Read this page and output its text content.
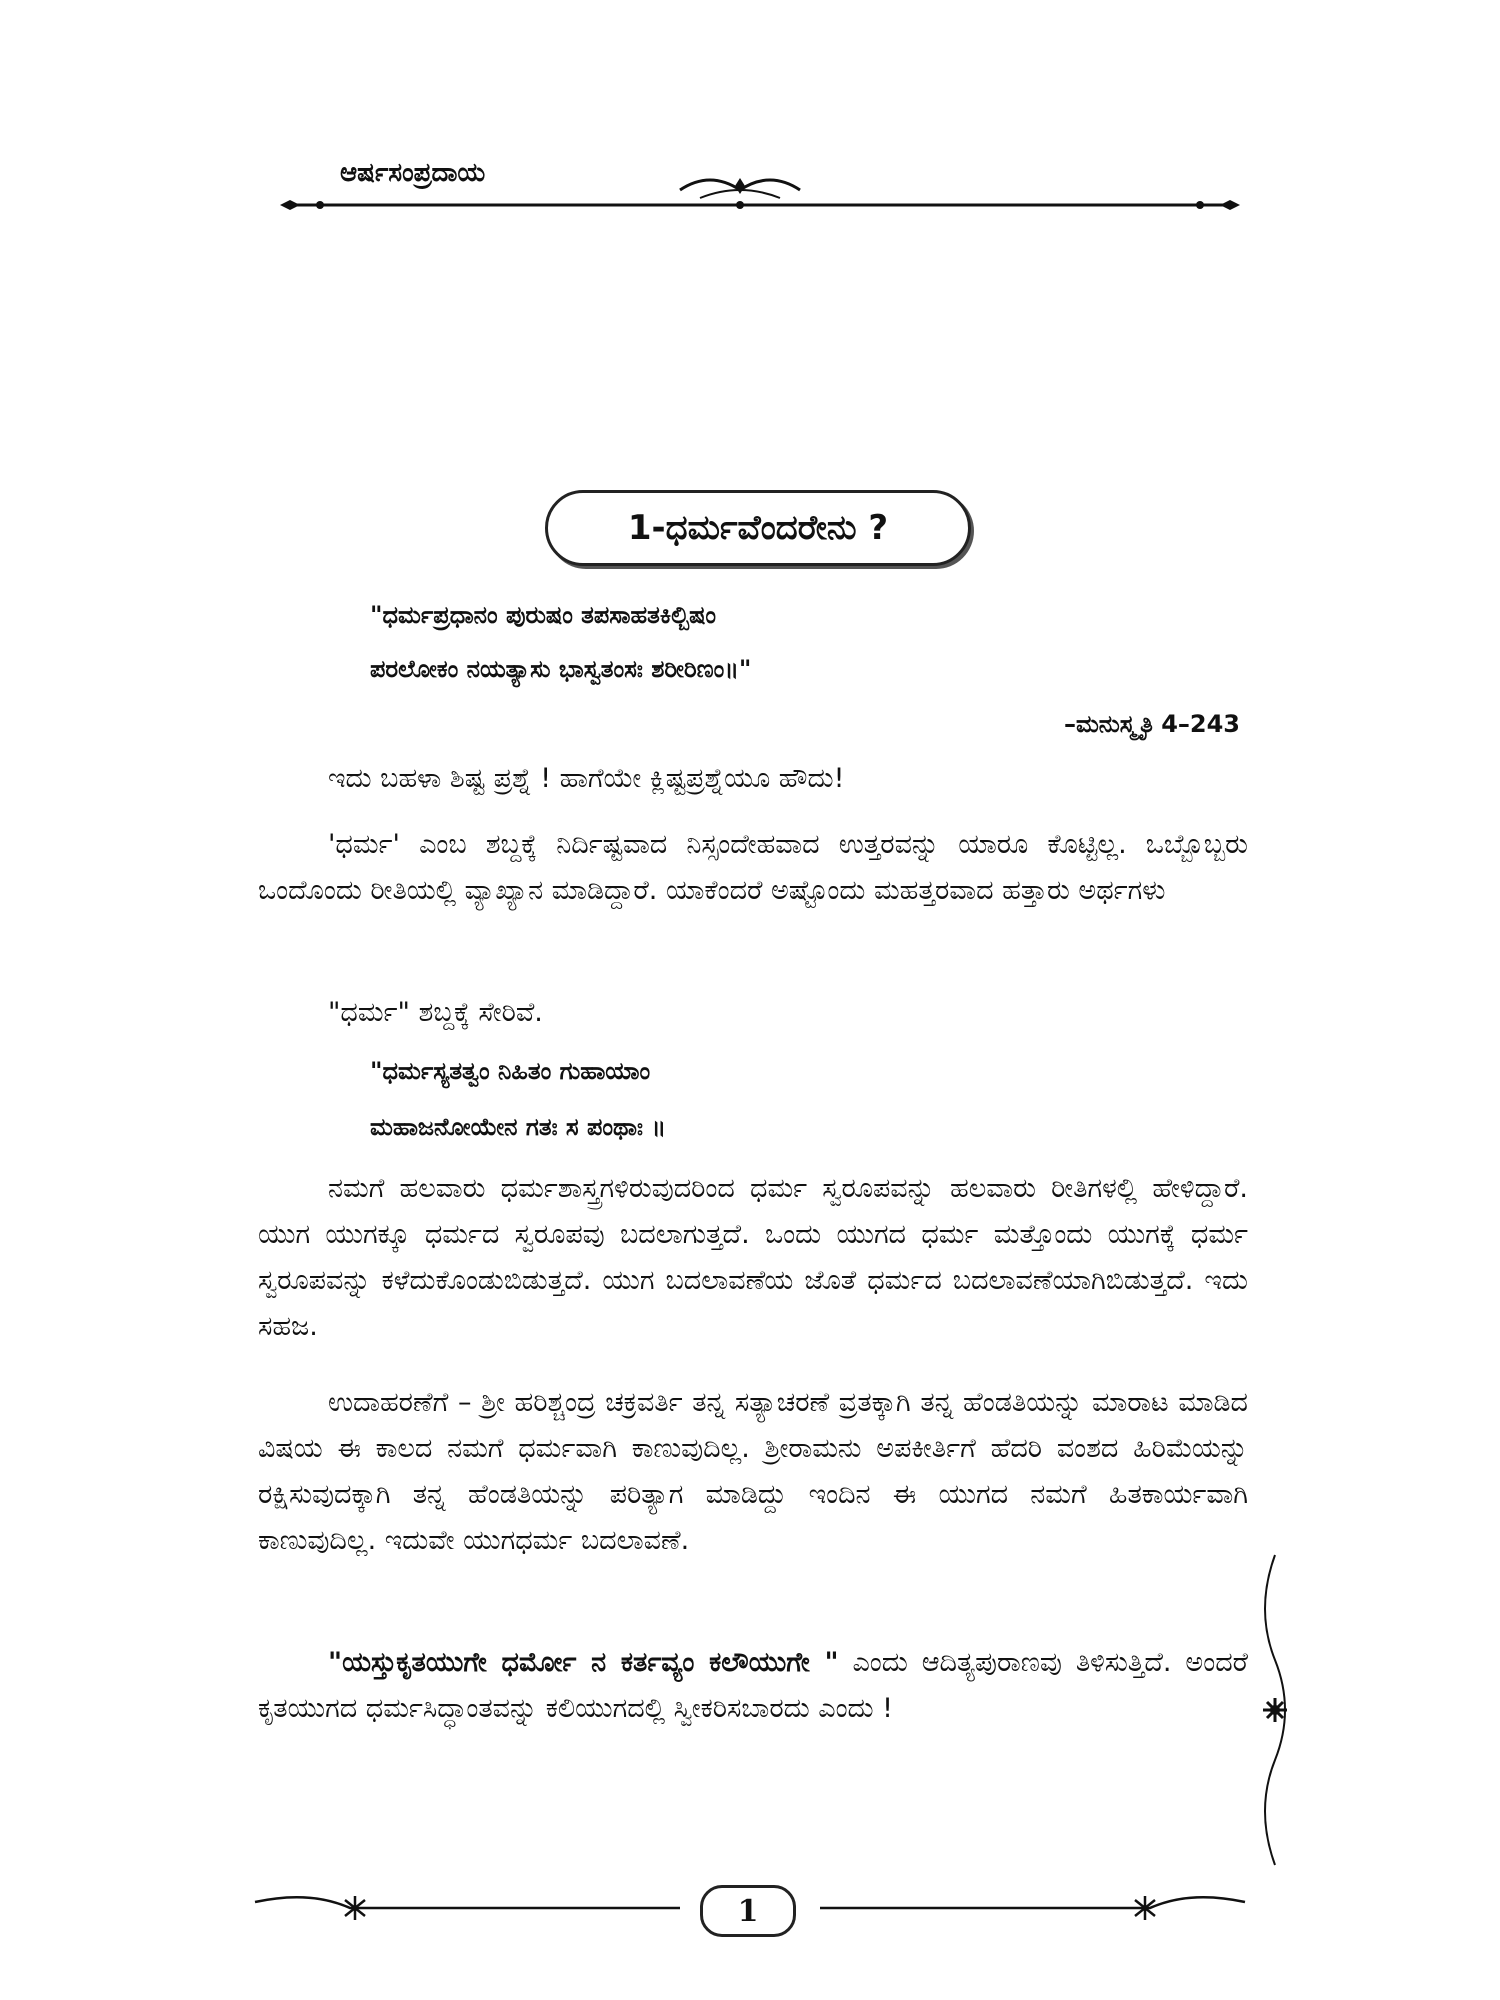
ಆರ್ಷಸಂಪ್ರದಾಯ
1-ಧರ್ಮವೆಂದರೇನು ?
"ಧರ್ಮಪ್ರಧಾನಂ ಪುರುಷಂ ತಪಸಾಹತಕಿಲ್ಬಿಷಂ
ಪರಲೋಕಂ ನಯತ್ಯಾಸು ಭಾಸ್ವತಂಸಃ ಶರೀರಿಣಂ॥"
–ಮನುಸ್ಮೃತಿ 4–243
ಇದು ಬಹಳಾ ಶಿಷ್ಟ ಪ್ರಶ್ನೆ ! ಹಾಗೆಯೇ ಕ್ಲಿಷ್ಟಪ್ರಶ್ನೆಯೂ ಹೌದು!
'ಧರ್ಮ' ಎಂಬ ಶಬ್ದಕ್ಕೆ ನಿರ್ದಿಷ್ಟವಾದ ನಿಸ್ಸಂದೇಹವಾದ ಉತ್ತರವನ್ನು ಯಾರೂ ಕೊಟ್ಟಿಲ್ಲ. ಒಬ್ಬೊಬ್ಬರು ಒಂದೊಂದು ರೀತಿಯಲ್ಲಿ ವ್ಯಾಖ್ಯಾನ ಮಾಡಿದ್ದಾರೆ. ಯಾಕೆಂದರೆ ಅಷ್ಟೊಂದು ಮಹತ್ತರವಾದ ಹತ್ತಾರು ಅರ್ಥಗಳು
"ಧರ್ಮ" ಶಬ್ದಕ್ಕೆ ಸೇರಿವೆ.
"ಧರ್ಮಸ್ಯತತ್ವಂ ನಿಹಿತಂ ಗುಹಾಯಾಂ
ಮಹಾಜನೋಯೇನ ಗತಃ ಸ ಪಂಥಾಃ ॥
ನಮಗೆ ಹಲವಾರು ಧರ್ಮಶಾಸ್ತ್ರಗಳಿರುವುದರಿಂದ ಧರ್ಮ ಸ್ವರೂಪವನ್ನು ಹಲವಾರು ರೀತಿಗಳಲ್ಲಿ ಹೇಳಿದ್ದಾರೆ. ಯುಗ ಯುಗಕ್ಕೂ ಧರ್ಮದ ಸ್ವರೂಪವು ಬದಲಾಗುತ್ತದೆ. ಒಂದು ಯುಗದ ಧರ್ಮ ಮತ್ತೊಂದು ಯುಗಕ್ಕೆ ಧರ್ಮ ಸ್ವರೂಪವನ್ನು ಕಳೆದುಕೊಂಡುಬಿಡುತ್ತದೆ. ಯುಗ ಬದಲಾವಣೆಯ ಜೊತೆ ಧರ್ಮದ ಬದಲಾವಣೆಯಾಗಿಬಿಡುತ್ತದೆ. ಇದು ಸಹಜ.
ಉದಾಹರಣೆಗೆ – ಶ್ರೀ ಹರಿಶ್ಚಂದ್ರ ಚಕ್ರವರ್ತಿ ತನ್ನ ಸತ್ಯಾಚರಣೆ ವ್ರತಕ್ಕಾಗಿ ತನ್ನ ಹೆಂಡತಿಯನ್ನು ಮಾರಾಟ ಮಾಡಿದ ವಿಷಯ ಈ ಕಾಲದ ನಮಗೆ ಧರ್ಮವಾಗಿ ಕಾಣುವುದಿಲ್ಲ. ಶ್ರೀರಾಮನು ಅಪಕೀರ್ತಿಗೆ ಹೆದರಿ ವಂಶದ ಹಿರಿಮೆಯನ್ನು ರಕ್ಷಿಸುವುದಕ್ಕಾಗಿ ತನ್ನ ಹೆಂಡತಿಯನ್ನು ಪರಿತ್ಯಾಗ ಮಾಡಿದ್ದು ಇಂದಿನ ಈ ಯುಗದ ನಮಗೆ ಹಿತಕಾರ್ಯವಾಗಿ ಕಾಣುವುದಿಲ್ಲ. ಇದುವೇ ಯುಗಧರ್ಮ ಬದಲಾವಣೆ.
"ಯಸ್ತುಕೃತಯುಗೇ ಧರ್ಮೋ ನ ಕರ್ತವ್ಯಂ ಕಲೌಯುಗೇ " ಎಂದು ಆದಿತ್ಯಪುರಾಣವು ತಿಳಿಸುತ್ತಿದೆ. ಅಂದರೆ ಕೃತಯುಗದ ಧರ್ಮಸಿದ್ಧಾಂತವನ್ನು ಕಲಿಯುಗದಲ್ಲಿ ಸ್ವೀಕರಿಸಬಾರದು ಎಂದು !
1
